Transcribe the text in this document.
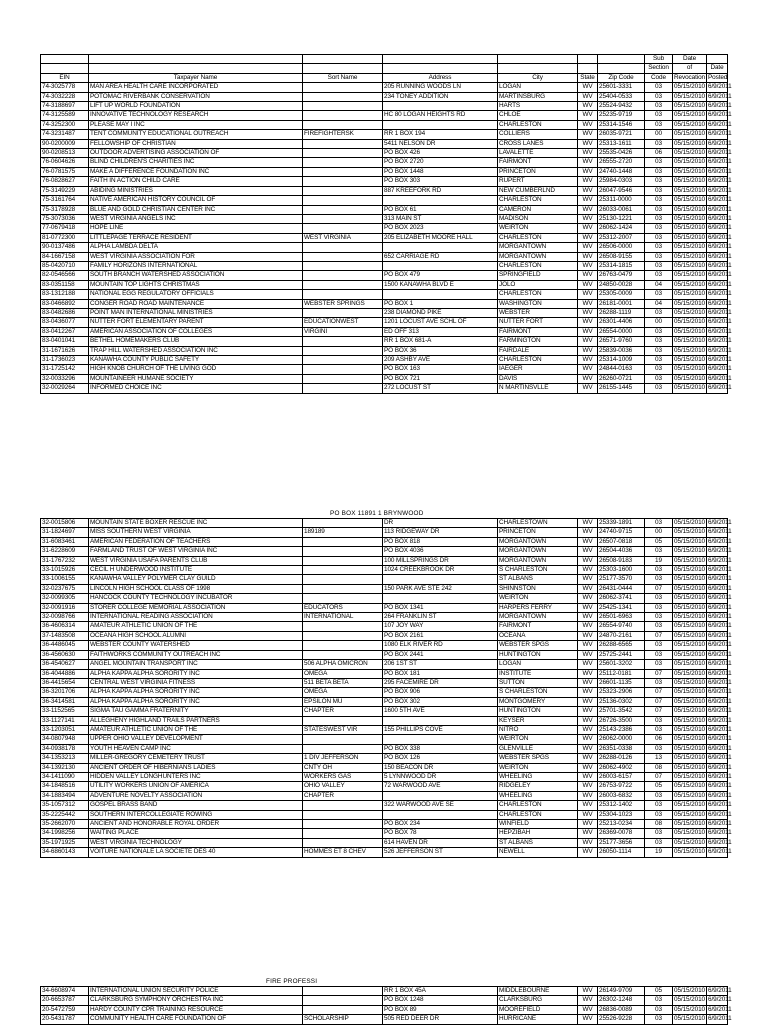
							Sub	Date	
							Section	of	Date
EIN	Taxpayer Name	Sort Name	Address	City	State	Zip Code	Code	Revocation	Posted
74-3025778	MAN AREA HEALTH CARE INCORPORATED		205 RUNNING WOODS LN	LOGAN	WV	25601-3331	03	05/15/2010	6/9/2011
74-3032228	POTOMAC RIVERBANK CONSERVATION		234 TONEY ADDITION	MARTINSBURG	WV	25404-0533	03	05/15/2010	6/9/2011
74-3188697	LIFT UP WORLD FOUNDATION			HARTS	WV	25524-9432	03	05/15/2010	6/9/2011
74-3125589	INNOVATIVE TECHNOLOGY RESEARCH		HC 80 LOGAN HEIGHTS RD	CHLOE	WV	25235-9719	03	05/15/2010	6/9/2011
74-3252300	PLEASE MAY I INC			CHARLESTON	WV	25314-1546	03	05/15/2010	6/9/2011
74-3231487	TENT COMMUNITY EDUCATIONAL OUTREACH	FIREFIGHTERSK	RR 1 BOX 194	COLLIERS	WV	26035-9721	00	05/15/2010	6/9/2011
90-0200009	FELLOWSHIP OF CHRISTIAN		5411 NELSON DR	CROSS LANES	WV	25313-1611	03	05/15/2010	6/9/2011
90-0208513	OUTDOOR ADVERTISING ASSOCIATION OF		PO BOX 426	LAVALETTE	WV	25535-0426	06	05/15/2010	6/9/2011
76-0604626	BLIND CHILDREN'S CHARITIES INC		PO BOX 2720	FAIRMONT	WV	26555-2720	03	05/15/2010	6/9/2011
76-0781575	MAKE A DIFFERENCE FOUNDATION INC		PO BOX 1448	PRINCETON	WV	24740-1448	03	05/15/2010	6/9/2011
76-0828627	FAITH IN ACTION CHILD CARE		PO BOX 303	RUPERT	WV	25984-0303	03	05/15/2010	6/9/2011
75-3149229	ABIDING MINISTRIES		887 KREEFORK RD	NEW CUMBERLND	WV	26047-9546	03	05/15/2010	6/9/2011
75-3161764	NATIVE AMERICAN HISTORY COUNCIL OF			CHARLESTON	WV	25311-0000	03	05/15/2010	6/9/2011
75-3178928	BLUE AND GOLD CHRISTIAN CENTER INC		PO BOX 61	CAMERON	WV	26033-0061	03	05/15/2010	6/9/2011
75-3073036	WEST VIRGINIA ANGELS INC		313 MAIN ST	MADISON	WV	25130-1221	03	05/15/2010	6/9/2011
77-0679418	HOPE LINE		PO BOX 2023	WEIRTON	WV	26062-1424	03	05/15/2010	6/9/2011
81-0772300	LITTLEPAGE TERRACE RESIDENT	WEST VIRGINIA	205 ELIZABETH MOORE HALL	CHARLESTON	WV	25312-2007	03	05/15/2010	6/9/2011
90-0137486	ALPHA LAMBDA DELTA			MORGANTOWN	WV	26506-0000	03	05/15/2010	6/9/2011
84-1667158	WEST VIRGINIA ASSOCIATION FOR		652 CARRIAGE RD	MORGANTOWN	WV	26508-9155	03	05/15/2010	6/9/2011
85-0420710	FAMILY HORIZONS INTERNATIONAL			CHARLESTON	WV	25314-1815	03	05/15/2010	6/9/2011
82-0546566	SOUTH BRANCH WATERSHED ASSOCIATION		PO BOX 479	SPRINGFIELD	WV	26763-0479	03	05/15/2010	6/9/2011
83-0351158	MOUNTAIN TOP LIGHTS CHRISTMAS		1500 KANAWHA BLVD E	JOLO	WV	24850-0028	04	05/15/2010	6/9/2011
83-1312188	NATIONAL EGG REGULATORY OFFICIALS			CHARLESTON	WV	25305-0009	03	05/15/2010	6/9/2011
83-0466892	CONGER ROAD ROAD MAINTENANCE	WEBSTER SPRINGS	PO BOX 1	WASHINGTON	WV	26181-0001	04	05/15/2010	6/9/2011
83-0482686	POINT MAN INTERNATIONAL MINISTRIES		238 DIAMOND PIKE	WEBSTER	WV	26288-1119	03	05/15/2010	6/9/2011
83-0436077	NUTTER FORT ELEMENTARY PARENT	EDUCATIONWEST	1201 LOCUST AVE SCHL OF	NUTTER FORT	WV	26301-4406	00	05/15/2010	6/9/2011
83-0412267	AMERICAN ASSOCIATION OF COLLEGES	VIRGINI	ED OFF 313	FAIRMONT	WV	26554-0000	03	05/15/2010	6/9/2011
83-0401041	BETHEL HOMEMAKERS CLUB		RR 1 BOX 681-A	FARMINGTON	WV	26571-9760	03	05/15/2010	6/9/2011
31-1671626	TRAP HILL WATERSHED ASSOCIATION INC		PO BOX 36	FAIRDALE	WV	25839-0036	03	05/15/2010	6/9/2011
31-1736023	KANAWHA COUNTY PUBLIC SAFETY		209 ASHBY AVE	CHARLESTON	WV	25314-1009	03	05/15/2010	6/9/2011
31-1725142	HIGH KNOB CHURCH OF THE LIVING GOD		PO BOX 163	IAEGER	WV	24844-0163	03	05/15/2010	6/9/2011
32-0033296	MOUNTAINEER HUMANE SOCIETY		PO BOX 721	DAVIS	WV	26260-0721	03	05/15/2010	6/9/2011
32-0029264	INFORMED CHOICE INC		272 LOCUST ST	N MARTINSVLLE	WV	26155-1445	03	05/15/2010	6/9/2011
PO BOX 11891 1 BRYNWOOD
32-0015806	MOUNTAIN STATE BOXER RESCUE INC		DR	CHARLESTOWN	WV	25339-1891	03	05/15/2010	6/9/2011
31-1824697	MISS SOUTHERN WEST VIRGINIA	189189	113 RIDGEWAY DR	PRINCETON	WV	24740-9715	00	05/15/2010	6/9/2011
31-6083461	AMERICAN FEDERATION OF TEACHERS		PO BOX 818	MORGANTOWN	WV	26507-0818	05	05/15/2010	6/9/2011
31-6228609	FARMLAND TRUST OF WEST VIRGINIA INC		PO BOX 4036	MORGANTOWN	WV	26504-4036	03	05/15/2010	6/9/2011
31-1767232	WEST VIRGINIA USAFA PARENTS CLUB		100 MILLSPRINGS DR	MORGANTOWN	WV	26508-9183	19	05/15/2010	6/9/2011
33-1015926	CECIL H UNDERWOOD INSTITUTE		1024 CREEKBROOK DR	S CHARLESTON	WV	25303-1600	03	05/15/2010	6/9/2011
33-1006155	KANAWHA VALLEY POLYMER CLAY GUILD			ST ALBANS	WV	25177-3570	03	05/15/2010	6/9/2011
32-0237675	LINCOLN HIGH SCHOOL CLASS OF 1998		150 PARK AVE STE 242	SHINNSTON	WV	26431-0444	07	05/15/2010	6/9/2011
32-0099305	HANCOCK COUNTY TECHNOLOGY INCUBATOR			WEIRTON	WV	26062-3741	03	05/15/2010	6/9/2011
32-0091916	STORER COLLEGE MEMORIAL ASSOCIATION	EDUCATORS	PO BOX 1341	HARPERS FERRY	WV	25425-1341	03	05/15/2010	6/9/2011
32-0098766	INTERNATIONAL READING ASSOCIATION	INTERNATIONAL	264 FRANKLIN ST	MORGANTOWN	WV	26501-6963	03	05/15/2010	6/9/2011
36-4606314	AMATEUR ATHLETIC UNION OF THE		107 JOY WAY	FAIRMONT	WV	26554-9740	03	05/15/2010	6/9/2011
37-1483508	OCEANA HIGH SCHOOL ALUMNI		PO BOX 2161	OCEANA	WV	24870-2161	07	05/15/2010	6/9/2011
36-4486045	WEBSTER COUNTY WATERSHED		1080 ELK RIVER RD	WEBSTER SPGS	WV	26288-6565	03	05/15/2010	6/9/2011
36-4560630	FAITHWORKS COMMUNITY OUTREACH INC		PO BOX 2441	HUNTINGTON	WV	25725-2441	03	05/15/2010	6/9/2011
36-4540627	ANGEL MOUNTAIN TRANSPORT INC	506 ALPHA OMICRON	206 1ST ST	LOGAN	WV	25601-3202	03	05/15/2010	6/9/2011
36-4044886	ALPHA KAPPA ALPHA SORORITY INC	OMEGA	PO BOX 181	INSTITUTE	WV	25112-0181	07	05/15/2010	6/9/2011
36-4415654	CENTRAL WEST VIRGINIA FITNESS	511 BETA BETA	295 FACEMIRE DR	SUTTON	WV	26601-1135	03	05/15/2010	6/9/2011
36-3201706	ALPHA KAPPA ALPHA SORORITY INC	OMEGA	PO BOX 906	S CHARLESTON	WV	25323-2906	07	05/15/2010	6/9/2011
36-3414581	ALPHA KAPPA ALPHA SORORITY INC	EPSILON MU	PO BOX 302	MONTGOMERY	WV	25136-0302	07	05/15/2010	6/9/2011
33-1152565	SIGMA TAU GAMMA FRATERNITY	CHAPTER	1600 5TH AVE	HUNTINGTON	WV	25701-3542	07	05/15/2010	6/9/2011
33-1127141	ALLEGHENY HIGHLAND TRAILS PARTNERS			KEYSER	WV	26726-3500	03	05/15/2010	6/9/2011
33-1203051	AMATEUR ATHLETIC UNION OF THE	STATESWEST VIR	155 PHILLIPS COVE	NITRO	WV	25143-2386	03	05/15/2010	6/9/2011
34-0807948	UPPER OHIO VALLEY DEVELOPMENT			WEIRTON	WV	26062-0000	06	05/15/2010	6/9/2011
34-0938178	YOUTH HEAVEN CAMP INC		PO BOX 338	GLENVILLE	WV	26351-0338	03	05/15/2010	6/9/2011
34-1353213	MILLER-GREGORY CEMETERY TRUST	1 DIV JEFFERSON	PO BOX 126	WEBSTER SPGS	WV	26288-0126	13	05/15/2010	6/9/2011
34-1392130	ANCIENT ORDER OF HIBERNIANS LADIES	CNTY OH	150 BEACON DR	WEIRTON	WV	26062-4902	08	05/15/2010	6/9/2011
34-1411090	HIDDEN VALLEY LONGHUNTERS INC	WORKERS GAS	5 LYNNWOOD DR	WHEELING	WV	26003-6157	07	05/15/2010	6/9/2011
34-1848516	UTILITY WORKERS UNION OF AMERICA	OHIO VALLEY	72 WARWOOD AVE	RIDGELEY	WV	26753-9722	05	05/15/2010	6/9/2011
34-1883494	ADVENTURE NOVELTY ASSOCIATION	CHAPTER		WHEELING	WV	26003-6832	03	05/15/2010	6/9/2011
35-1057312	GOSPEL BRASS BAND		322 WARWOOD AVE SE	CHARLESTON	WV	25312-1402	03	05/15/2010	6/9/2011
35-2225442	SOUTHERN INTERCOLLEGIATE ROWING			CHARLESTON	WV	25304-1023	03	05/15/2010	6/9/2011
35-2662070	ANCIENT AND HONORABLE ROYAL ORDER		PO BOX 234	WINFIELD	WV	25213-0234	08	05/15/2010	6/9/2011
34-1998256	WAITING PLACE		PO BOX 78	HEPZIBAH	WV	26369-0078	03	05/15/2010	6/9/2011
35-1971925	WEST VIRGINIA TECHNOLOGY		614 HAVEN DR	ST ALBANS	WV	25177-3656	03	05/15/2010	6/9/2011
34-6860143	VOITURE NATIONALE LA SOCIETE DES 40	HOMMES ET 8 CHEV	526 JEFFERSON ST	NEWELL	WV	26050-1114	19	05/15/2010	6/9/2011
FIRE PROFESSI
34-6608974	INTERNATIONAL UNION SECURITY POLICE		RR 1 BOX 45A	MIDDLEBOURNE	WV	26149-9709	05	05/15/2010	6/9/2011
20-6653787	CLARKSBURG SYMPHONY ORCHESTRA INC		PO BOX 1248	CLARKSBURG	WV	26302-1248	03	05/15/2010	6/9/2011
20-5472759	HARDY COUNTY CPR TRAINING RESOURCE		PO BOX 89	MOOREFIELD	WV	26836-0089	03	05/15/2010	6/9/2011
20-5431787	COMMUNITY HEALTH CARE FOUNDATION OF	SCHOLARSHIP	505 RED DEER DR	HURRICANE	WV	25526-9228	03	05/15/2010	6/9/2011
